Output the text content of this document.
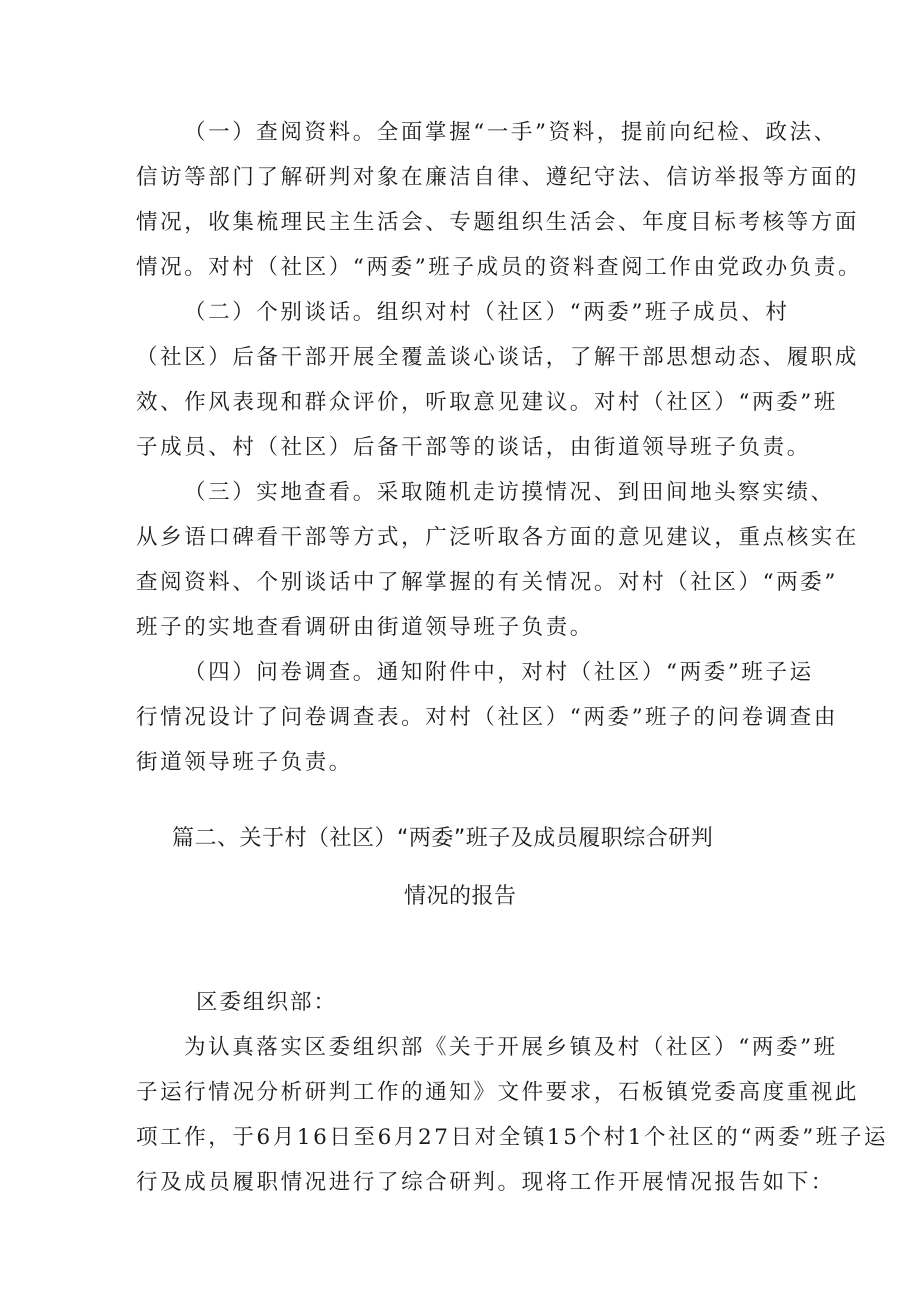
（一）查阅资料。全面掌握“一手”资料，提前向纪检、政法、
信访等部门了解研判对象在廉洁自律、遵纪守法、信访举报等方面的
情况，收集梳理民主生活会、专题组织生活会、年度目标考核等方面
情况。对村（社区）“两委”班子成员的资料查阅工作由党政办负责。
（二）个别谈话。组织对村（社区）“两委”班子成员、村
（社区）后备干部开展全覆盖谈心谈话，了解干部思想动态、履职成
效、作风表现和群众评价，听取意见建议。对村（社区）“两委”班
子成员、村（社区）后备干部等的谈话，由街道领导班子负责。
（三）实地查看。采取随机走访摸情况、到田间地头察实绩、
从乡语口碑看干部等方式，广泛听取各方面的意见建议，重点核实在
查阅资料、个别谈话中了解掌握的有关情况。对村（社区）“两委”
班子的实地查看调研由街道领导班子负责。
（四）问卷调查。通知附件中，对村（社区）“两委”班子运
行情况设计了问卷调查表。对村（社区）“两委”班子的问卷调查由
街道领导班子负责。
篇二、关于村（社区）“两委”班子及成员履职综合研判
情况的报告
区委组织部：
为认真落实区委组织部《关于开展乡镇及村（社区）“两委”班
子运行情况分析研判工作的通知》文件要求，石板镇党委高度重视此
项工作，于6月16日至6月27日对全镇15个村1个社区的“两委”班子运
行及成员履职情况进行了综合研判。现将工作开展情况报告如下：
